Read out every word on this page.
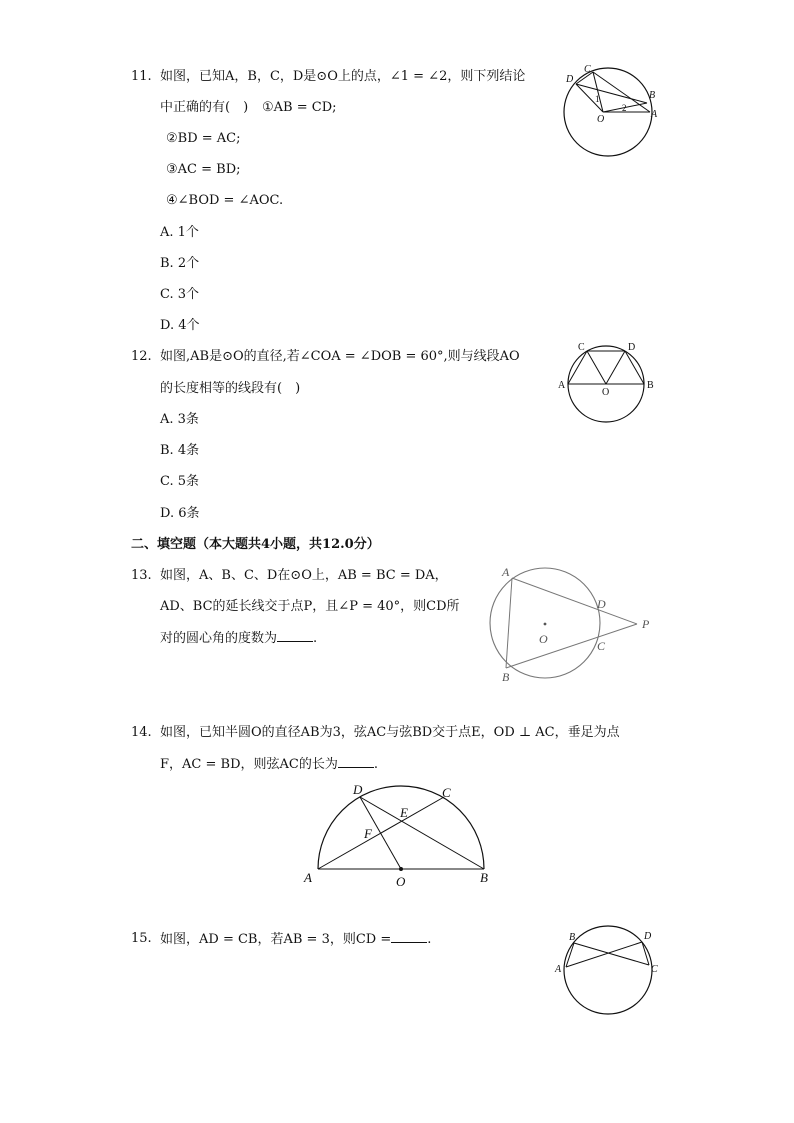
11. 如图，已知A，B，C，D是⊙O上的点，∠1 = ∠2，则下列结论
中正确的有(　) ①AB = CD;
②BD = AC;
③AC = BD;
④∠BOD = ∠AOC.
A. 1个
B. 2个
C. 3个
D. 4个
C
D
B
A
O
1
2
12. 如图,AB是⊙O的直径,若∠COA = ∠DOB = 60°,则与线段AO
的长度相等的线段有(　)
A. 3条
B. 4条
C. 5条
D. 6条
C	D
A	B
O
二、填空题（本大题共4小题，共12.0分）
13. 如图，A、B、C、D在⊙O上，AB = BC = DA，
AD、BC的延长线交于点P，且∠P = 40°，则CD所
对的圆心角的度数为	.
A
B
C
D
P
O
14. 如图，已知半圆O的直径AB为3，弦AC与弦BD交于点E，OD ⊥ AC，垂足为点
F，AC = BD，则弦AC的长为	.
A	B
C
D
E
F
O
15. 如图，AD = CB，若AB = 3，则CD =	.	B
A
D
C
